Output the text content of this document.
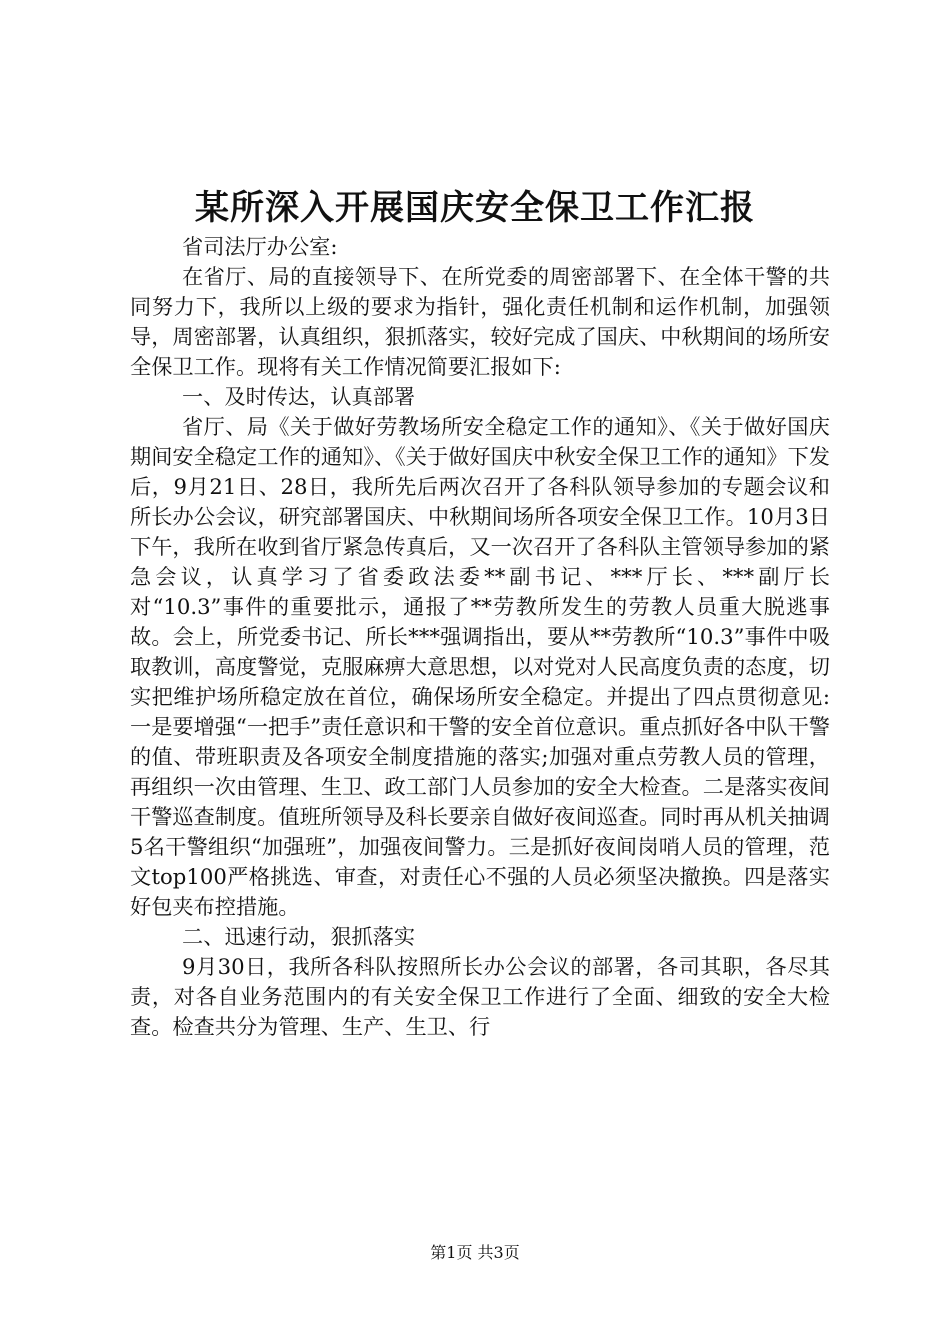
某所深入开展国庆安全保卫工作汇报

省司法厅办公室:

在省厅、局的直接领导下、在所党委的周密部署下、在全体干警的共同努力下，我所以上级的要求为指针，强化责任机制和运作机制，加强领导，周密部署，认真组织，狠抓落实，较好完成了国庆、中秋期间的场所安全保卫工作。现将有关工作情况简要汇报如下:

一、及时传达，认真部署

省厅、局《关于做好劳教场所安全稳定工作的通知》、《关于做好国庆期间安全稳定工作的通知》、《关于做好国庆中秋安全保卫工作的通知》下发后，9月21日、28日，我所先后两次召开了各科队领导参加的专题会议和所长办公会议，研究部署国庆、中秋期间场所各项安全保卫工作。10月3日下午，我所在收到省厅紧急传真后，又一次召开了各科队主管领导参加的紧急会议，认真学习了省委政法委**副书记、***厅长、***副厅长对“10.3”事件的重要批示，通报了**劳教所发生的劳教人员重大脱逃事故。会上，所党委书记、所长***强调指出，要从**劳教所“10.3”事件中吸取教训，高度警觉，克服麻痹大意思想，以对党对人民高度负责的态度，切实把维护场所稳定放在首位，确保场所安全稳定。并提出了四点贯彻意见:一是要增强“一把手”责任意识和干警的安全首位意识。重点抓好各中队干警的值、带班职责及各项安全制度措施的落实;加强对重点劳教人员的管理，再组织一次由管理、生卫、政工部门人员参加的安全大检查。二是落实夜间干警巡查制度。值班所领导及科长要亲自做好夜间巡查。同时再从机关抽调5名干警组织“加强班”，加强夜间警力。三是抓好夜间岗哨人员的管理，范文top100严格挑选、审查，对责任心不强的人员必须坚决撤换。四是落实好包夹布控措施。

二、迅速行动，狠抓落实

9月30日，我所各科队按照所长办公会议的部署，各司其职，各尽其责，对各自业务范围内的有关安全保卫工作进行了全面、细致的安全大检查。检查共分为管理、生产、生卫、行

第1页 共3页
